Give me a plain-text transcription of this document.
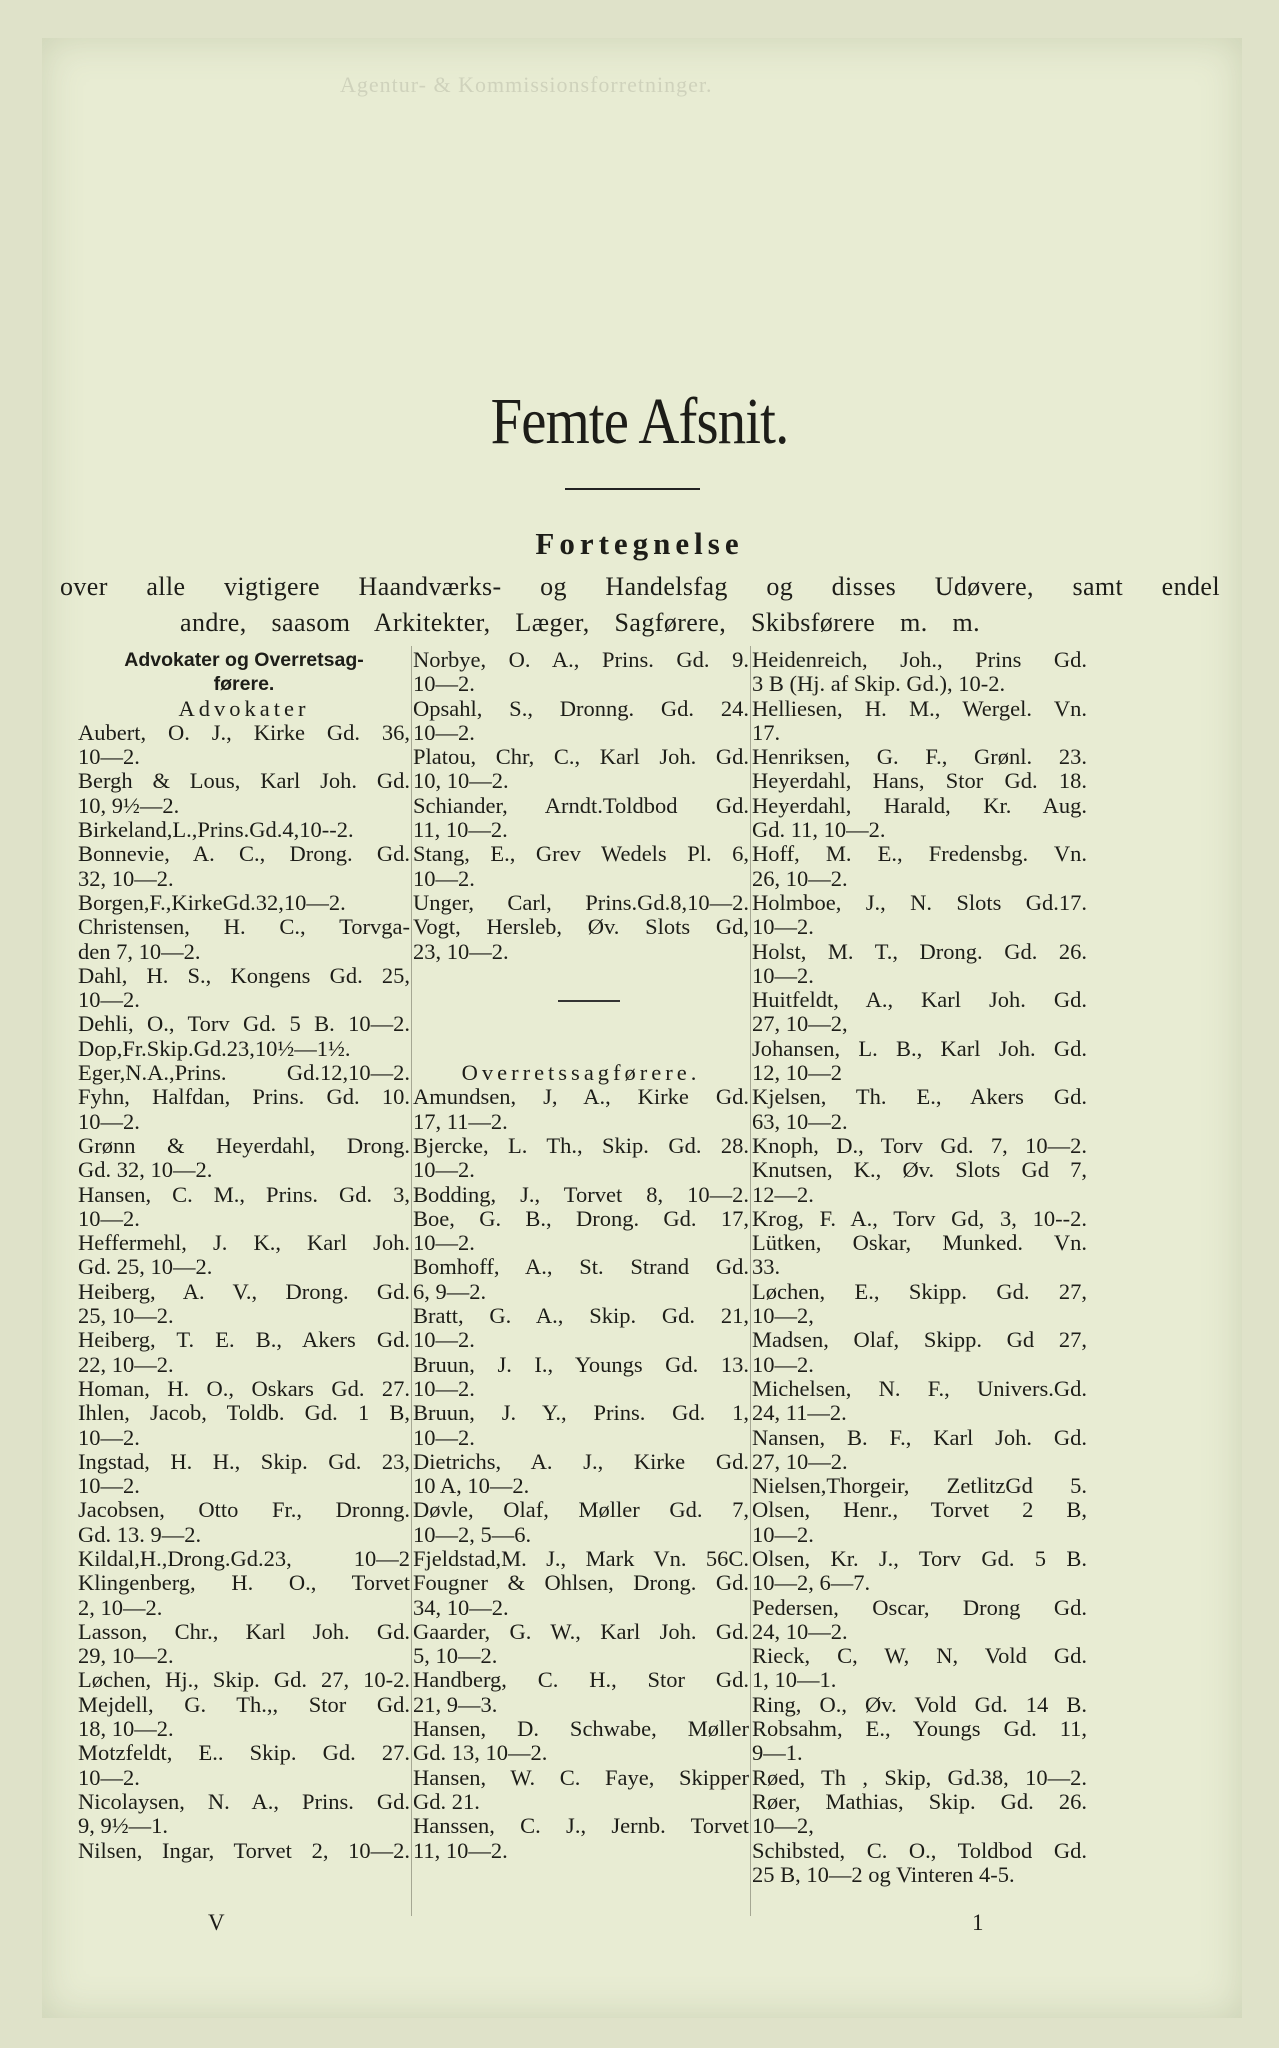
Agentur- & Kommissionsforretninger.
Femte Afsnit.
Fortegnelse
over alle vigtigere Haandværks- og Handelsfag og disses Udøvere, samt endel
andre, saasom Arkitekter, Læger, Sagførere, Skibsførere m. m.
Advokater og Overretsag-
førere.
Advokater
Aubert, O. J., Kirke Gd. 36,
10—2.
Bergh & Lous, Karl Joh. Gd.
10, 9½—2.
Birkeland,L.,Prins.Gd.4,10--2.
Bonnevie, A. C., Drong. Gd.
32, 10—2.
Borgen,F.,KirkeGd.32,10—2.
Christensen, H. C., Torvga-
den 7, 10—2.
Dahl, H. S., Kongens Gd. 25,
10—2.
Dehli, O., Torv Gd. 5 B. 10—2.
Dop,Fr.Skip.Gd.23,10½—1½.
Eger,N.A.,Prins. Gd.12,10—2.
Fyhn, Halfdan, Prins. Gd. 10.
10—2.
Grønn & Heyerdahl, Drong.
Gd. 32, 10—2.
Hansen, C. M., Prins. Gd. 3,
10—2.
Heffermehl, J. K., Karl Joh.
Gd. 25, 10—2.
Heiberg, A. V., Drong. Gd.
25, 10—2.
Heiberg, T. E. B., Akers Gd.
22, 10—2.
Homan, H. O., Oskars Gd. 27.
Ihlen, Jacob, Toldb. Gd. 1 B,
10—2.
Ingstad, H. H., Skip. Gd. 23,
10—2.
Jacobsen, Otto Fr., Dronng.
Gd. 13. 9—2.
Kildal,H.,Drong.Gd.23, 10—2
Klingenberg, H. O., Torvet
2, 10—2.
Lasson, Chr., Karl Joh. Gd.
29, 10—2.
Løchen, Hj., Skip. Gd. 27, 10-2.
Mejdell, G. Th.,, Stor Gd.
18, 10—2.
Motzfeldt, E.. Skip. Gd. 27.
10—2.
Nicolaysen, N. A., Prins. Gd.
9, 9½—1.
Nilsen, Ingar, Torvet 2, 10—2.
Norbye, O. A., Prins. Gd. 9.
10—2.
Opsahl, S., Dronng. Gd. 24.
10—2.
Platou, Chr, C., Karl Joh. Gd.
10, 10—2.
Schiander, Arndt.Toldbod Gd.
11, 10—2.
Stang, E., Grev Wedels Pl. 6,
10—2.
Unger, Carl, Prins.Gd.8,10—2.
Vogt, Hersleb, Øv. Slots Gd,
23, 10—2.
Overretssagførere.
Amundsen, J, A., Kirke Gd.
17, 11—2.
Bjercke, L. Th., Skip. Gd. 28.
10—2.
Bodding, J., Torvet 8, 10—2.
Boe, G. B., Drong. Gd. 17,
10—2.
Bomhoff, A., St. Strand Gd.
6, 9—2.
Bratt, G. A., Skip. Gd. 21,
10—2.
Bruun, J. I., Youngs Gd. 13.
10—2.
Bruun, J. Y., Prins. Gd. 1,
10—2.
Dietrichs, A. J., Kirke Gd.
10 A, 10—2.
Døvle, Olaf, Møller Gd. 7,
10—2, 5—6.
Fjeldstad,M. J., Mark Vn. 56C.
Fougner & Ohlsen, Drong. Gd.
34, 10—2.
Gaarder, G. W., Karl Joh. Gd.
5, 10—2.
Handberg, C. H., Stor Gd.
21, 9—3.
Hansen, D. Schwabe, Møller
Gd. 13, 10—2.
Hansen, W. C. Faye, Skipper
Gd. 21.
Hanssen, C. J., Jernb. Torvet
11, 10—2.
Heidenreich, Joh., Prins Gd.
3 B (Hj. af Skip. Gd.), 10-2.
Helliesen, H. M., Wergel. Vn.
17.
Henriksen, G. F., Grønl. 23.
Heyerdahl, Hans, Stor Gd. 18.
Heyerdahl, Harald, Kr. Aug.
Gd. 11, 10—2.
Hoff, M. E., Fredensbg. Vn.
26, 10—2.
Holmboe, J., N. Slots Gd.17.
10—2.
Holst, M. T., Drong. Gd. 26.
10—2.
Huitfeldt, A., Karl Joh. Gd.
27, 10—2,
Johansen, L. B., Karl Joh. Gd.
12, 10—2
Kjelsen, Th. E., Akers Gd.
63, 10—2.
Knoph, D., Torv Gd. 7, 10—2.
Knutsen, K., Øv. Slots Gd 7,
12—2.
Krog, F. A., Torv Gd, 3, 10--2.
Lütken, Oskar, Munked. Vn.
33.
Løchen, E., Skipp. Gd. 27,
10—2,
Madsen, Olaf, Skipp. Gd 27,
10—2.
Michelsen, N. F., Univers.Gd.
24, 11—2.
Nansen, B. F., Karl Joh. Gd.
27, 10—2.
Nielsen,Thorgeir, ZetlitzGd 5.
Olsen, Henr., Torvet 2 B,
10—2.
Olsen, Kr. J., Torv Gd. 5 B.
10—2, 6—7.
Pedersen, Oscar, Drong Gd.
24, 10—2.
Rieck, C, W, N, Vold Gd.
1, 10—1.
Ring, O., Øv. Vold Gd. 14 B.
Robsahm, E., Youngs Gd. 11,
9—1.
Røed, Th , Skip, Gd.38, 10—2.
Røer, Mathias, Skip. Gd. 26.
10—2,
Schibsted, C. O., Toldbod Gd.
25 B, 10—2 og Vinteren 4-5.
V	1
